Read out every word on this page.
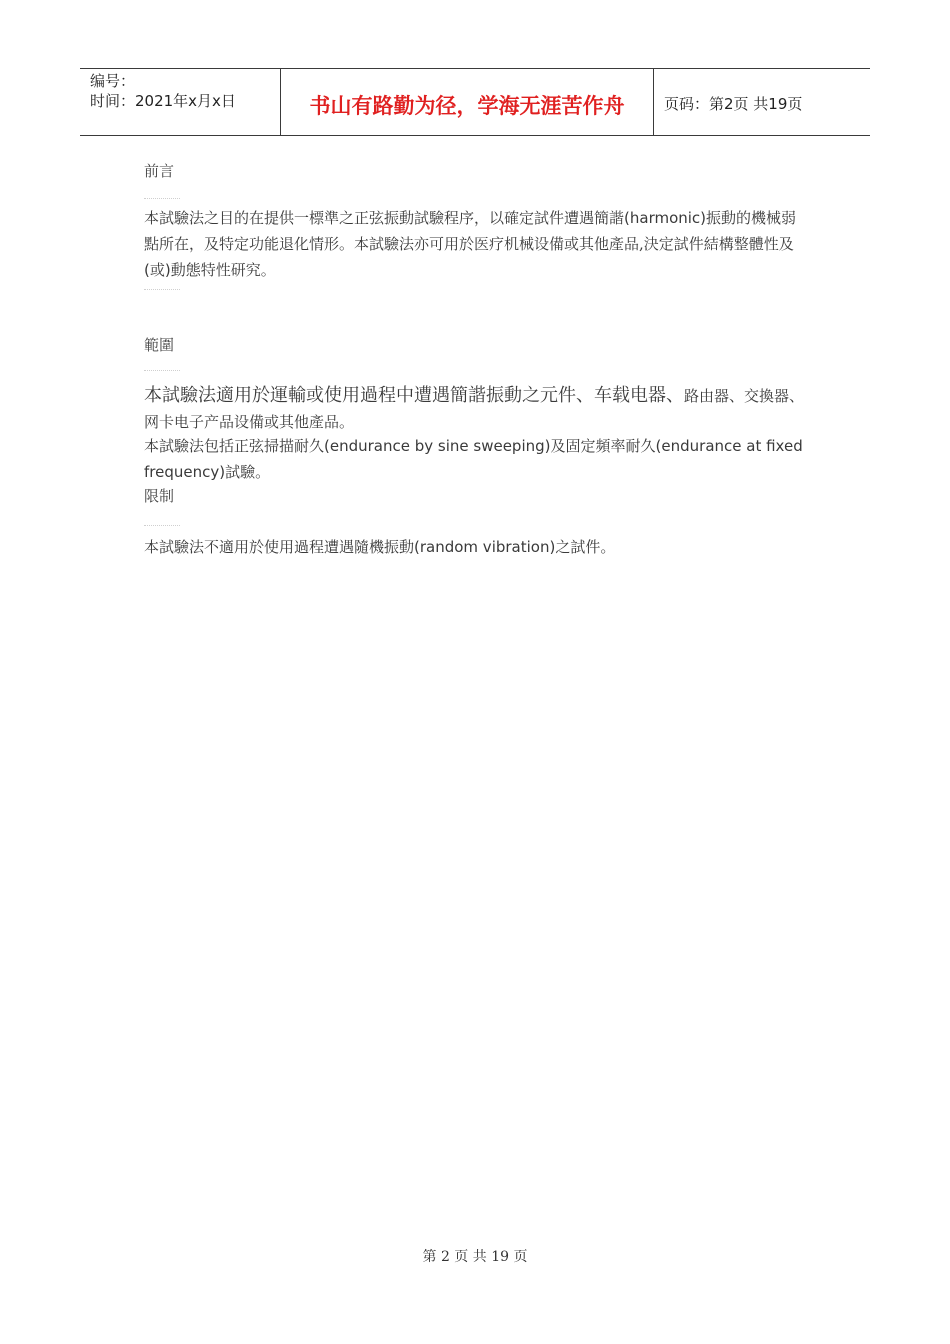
编号：
时间：2021年x月x日	书山有路勤为径，学海无涯苦作舟	页码：第2页 共19页
前言
本試驗法之目的在提供一標準之正弦振動試驗程序，以確定試件遭遇簡諧(harmonic)振動的機械弱點所在，及特定功能退化情形。本試驗法亦可用於医疗机械设備或其他產品,決定試件結構整體性及(或)動態特性研究。
範圍
本試驗法適用於運輸或使用過程中遭遇簡諧振動之元件、车载电器、路由器、交換器、网卡电子产品设備或其他產品。
本試驗法包括正弦掃描耐久(endurance by sine sweeping)及固定頻率耐久(endurance at fixed frequency)試驗。
限制
本試驗法不適用於使用過程遭遇隨機振動(random vibration)之試件。
第 2 页 共 19 页
